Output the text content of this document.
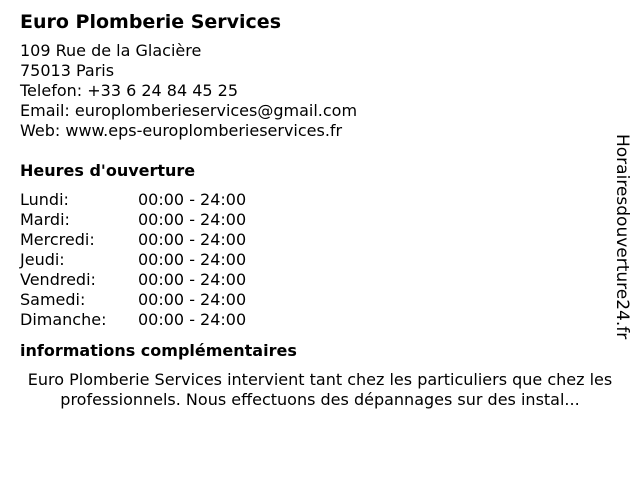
Euro Plomberie Services
109 Rue de la Glacière
75013 Paris
Telefon: +33 6 24 84 45 25
Email: europlomberieservices@gmail.com
Web: www.eps-europlomberieservices.fr
Heures d'ouverture
Lundi:	00:00 - 24:00
Mardi:	00:00 - 24:00
Mercredi:	00:00 - 24:00
Jeudi:	00:00 - 24:00
Vendredi:	00:00 - 24:00
Samedi:	00:00 - 24:00
Dimanche: 00:00 - 24:00
informations complémentaires
Euro Plomberie Services intervient tant chez les particuliers que chez les professionnels. Nous effectuons des dépannages sur des instal...
Horairesdouverture24.fr
